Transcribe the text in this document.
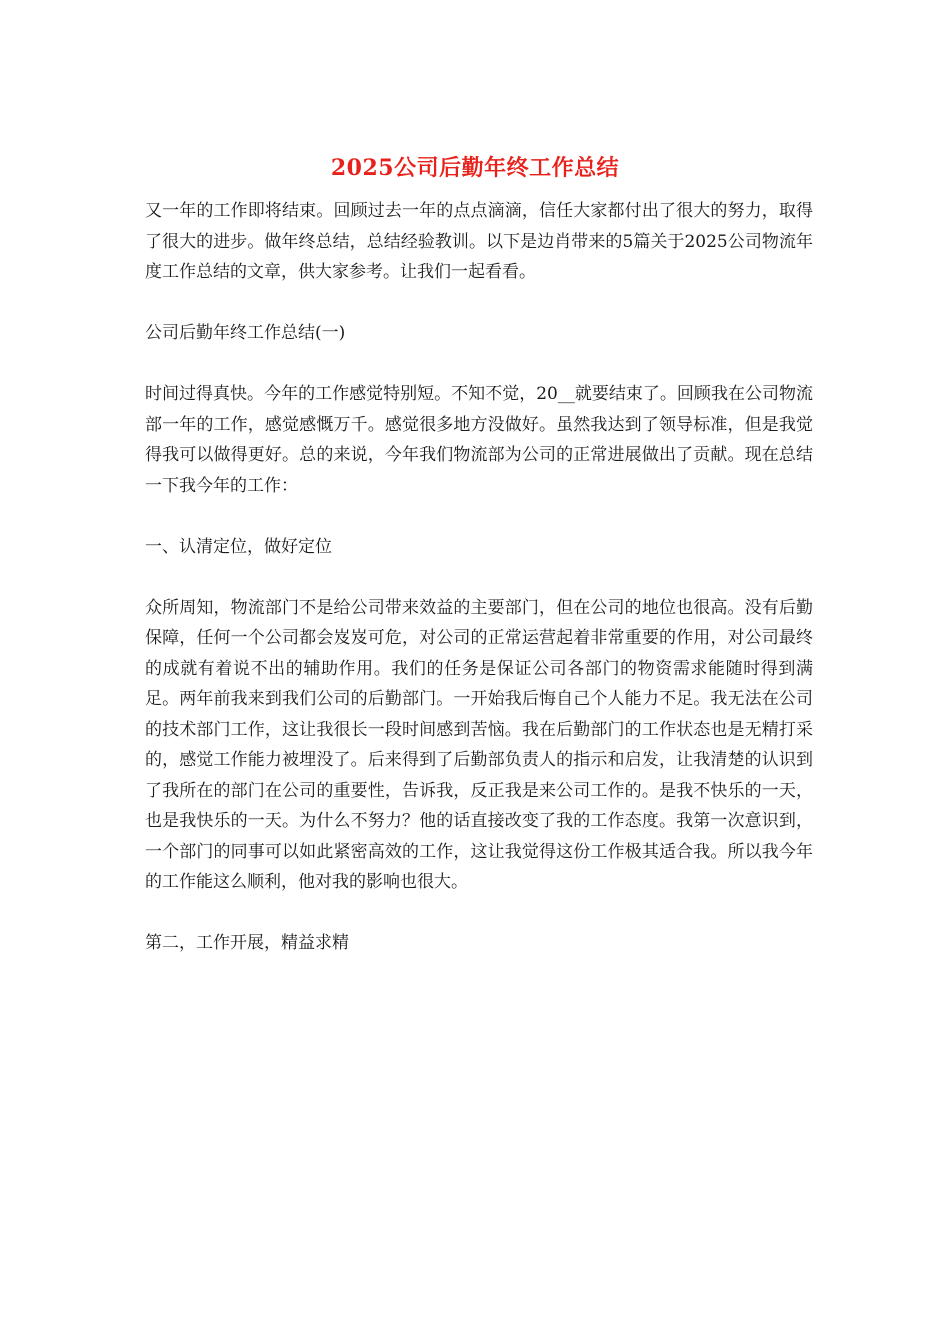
2025公司后勤年终工作总结

又一年的工作即将结束。回顾过去一年的点点滴滴，信任大家都付出了很大的努力，取得了很大的进步。做年终总结，总结经验教训。以下是边肖带来的5篇关于2025公司物流年度工作总结的文章，供大家参考。让我们一起看看。

公司后勤年终工作总结(一)

时间过得真快。今年的工作感觉特别短。不知不觉，20__就要结束了。回顾我在公司物流部一年的工作，感觉感慨万千。感觉很多地方没做好。虽然我达到了领导标准，但是我觉得我可以做得更好。总的来说，今年我们物流部为公司的正常进展做出了贡献。现在总结一下我今年的工作：

一、认清定位，做好定位

众所周知，物流部门不是给公司带来效益的主要部门，但在公司的地位也很高。没有后勤保障，任何一个公司都会岌岌可危，对公司的正常运营起着非常重要的作用，对公司最终的成就有着说不出的辅助作用。我们的任务是保证公司各部门的物资需求能随时得到满足。两年前我来到我们公司的后勤部门。一开始我后悔自己个人能力不足。我无法在公司的技术部门工作，这让我很长一段时间感到苦恼。我在后勤部门的工作状态也是无精打采的，感觉工作能力被埋没了。后来得到了后勤部负责人的指示和启发，让我清楚的认识到了我所在的部门在公司的重要性，告诉我，反正我是来公司工作的。是我不快乐的一天，也是我快乐的一天。为什么不努力？他的话直接改变了我的工作态度。我第一次意识到，一个部门的同事可以如此紧密高效的工作，这让我觉得这份工作极其适合我。所以我今年的工作能这么顺利，他对我的影响也很大。

第二，工作开展，精益求精
